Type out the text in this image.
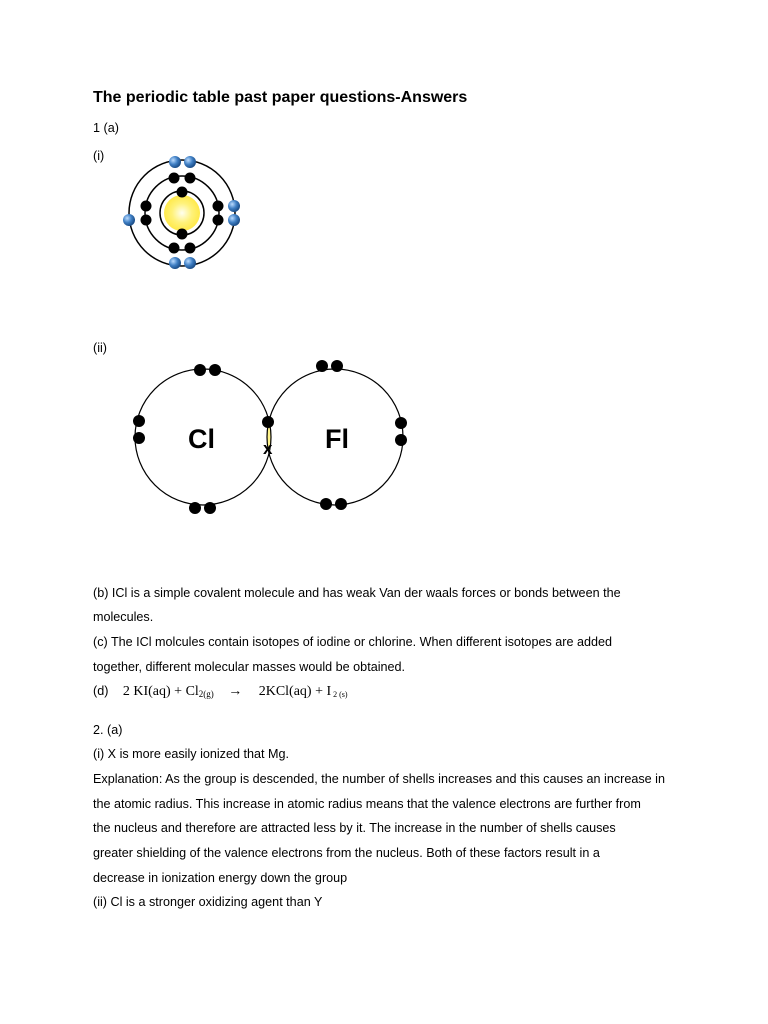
The periodic table past paper questions-Answers
1 (a)
(i)
(ii)
Cl	Fl
x
(b) ICl is a simple covalent molecule and has weak Van der waals forces or bonds between the
molecules.
(c) The ICl molcules contain isotopes of iodine or chlorine. When different isotopes are added
together, different molecular masses would be obtained.
(d) 2 $KI(aq) + Cl_{2(g)} \to 2KCl(aq) + I$ 2 (s)
2. (a)
(i) X is more easily ionized that Mg.
Explanation: As the group is descended, the number of shells increases and this causes an increase in
the atomic radius. This increase in atomic radius means that the valence electrons are further from
the nucleus and therefore are attracted less by it. The increase in the number of shells causes
greater shielding of the valence electrons from the nucleus. Both of these factors result in a
decrease in ionization energy down the group
(ii) Cl is a stronger oxidizing agent than Y
